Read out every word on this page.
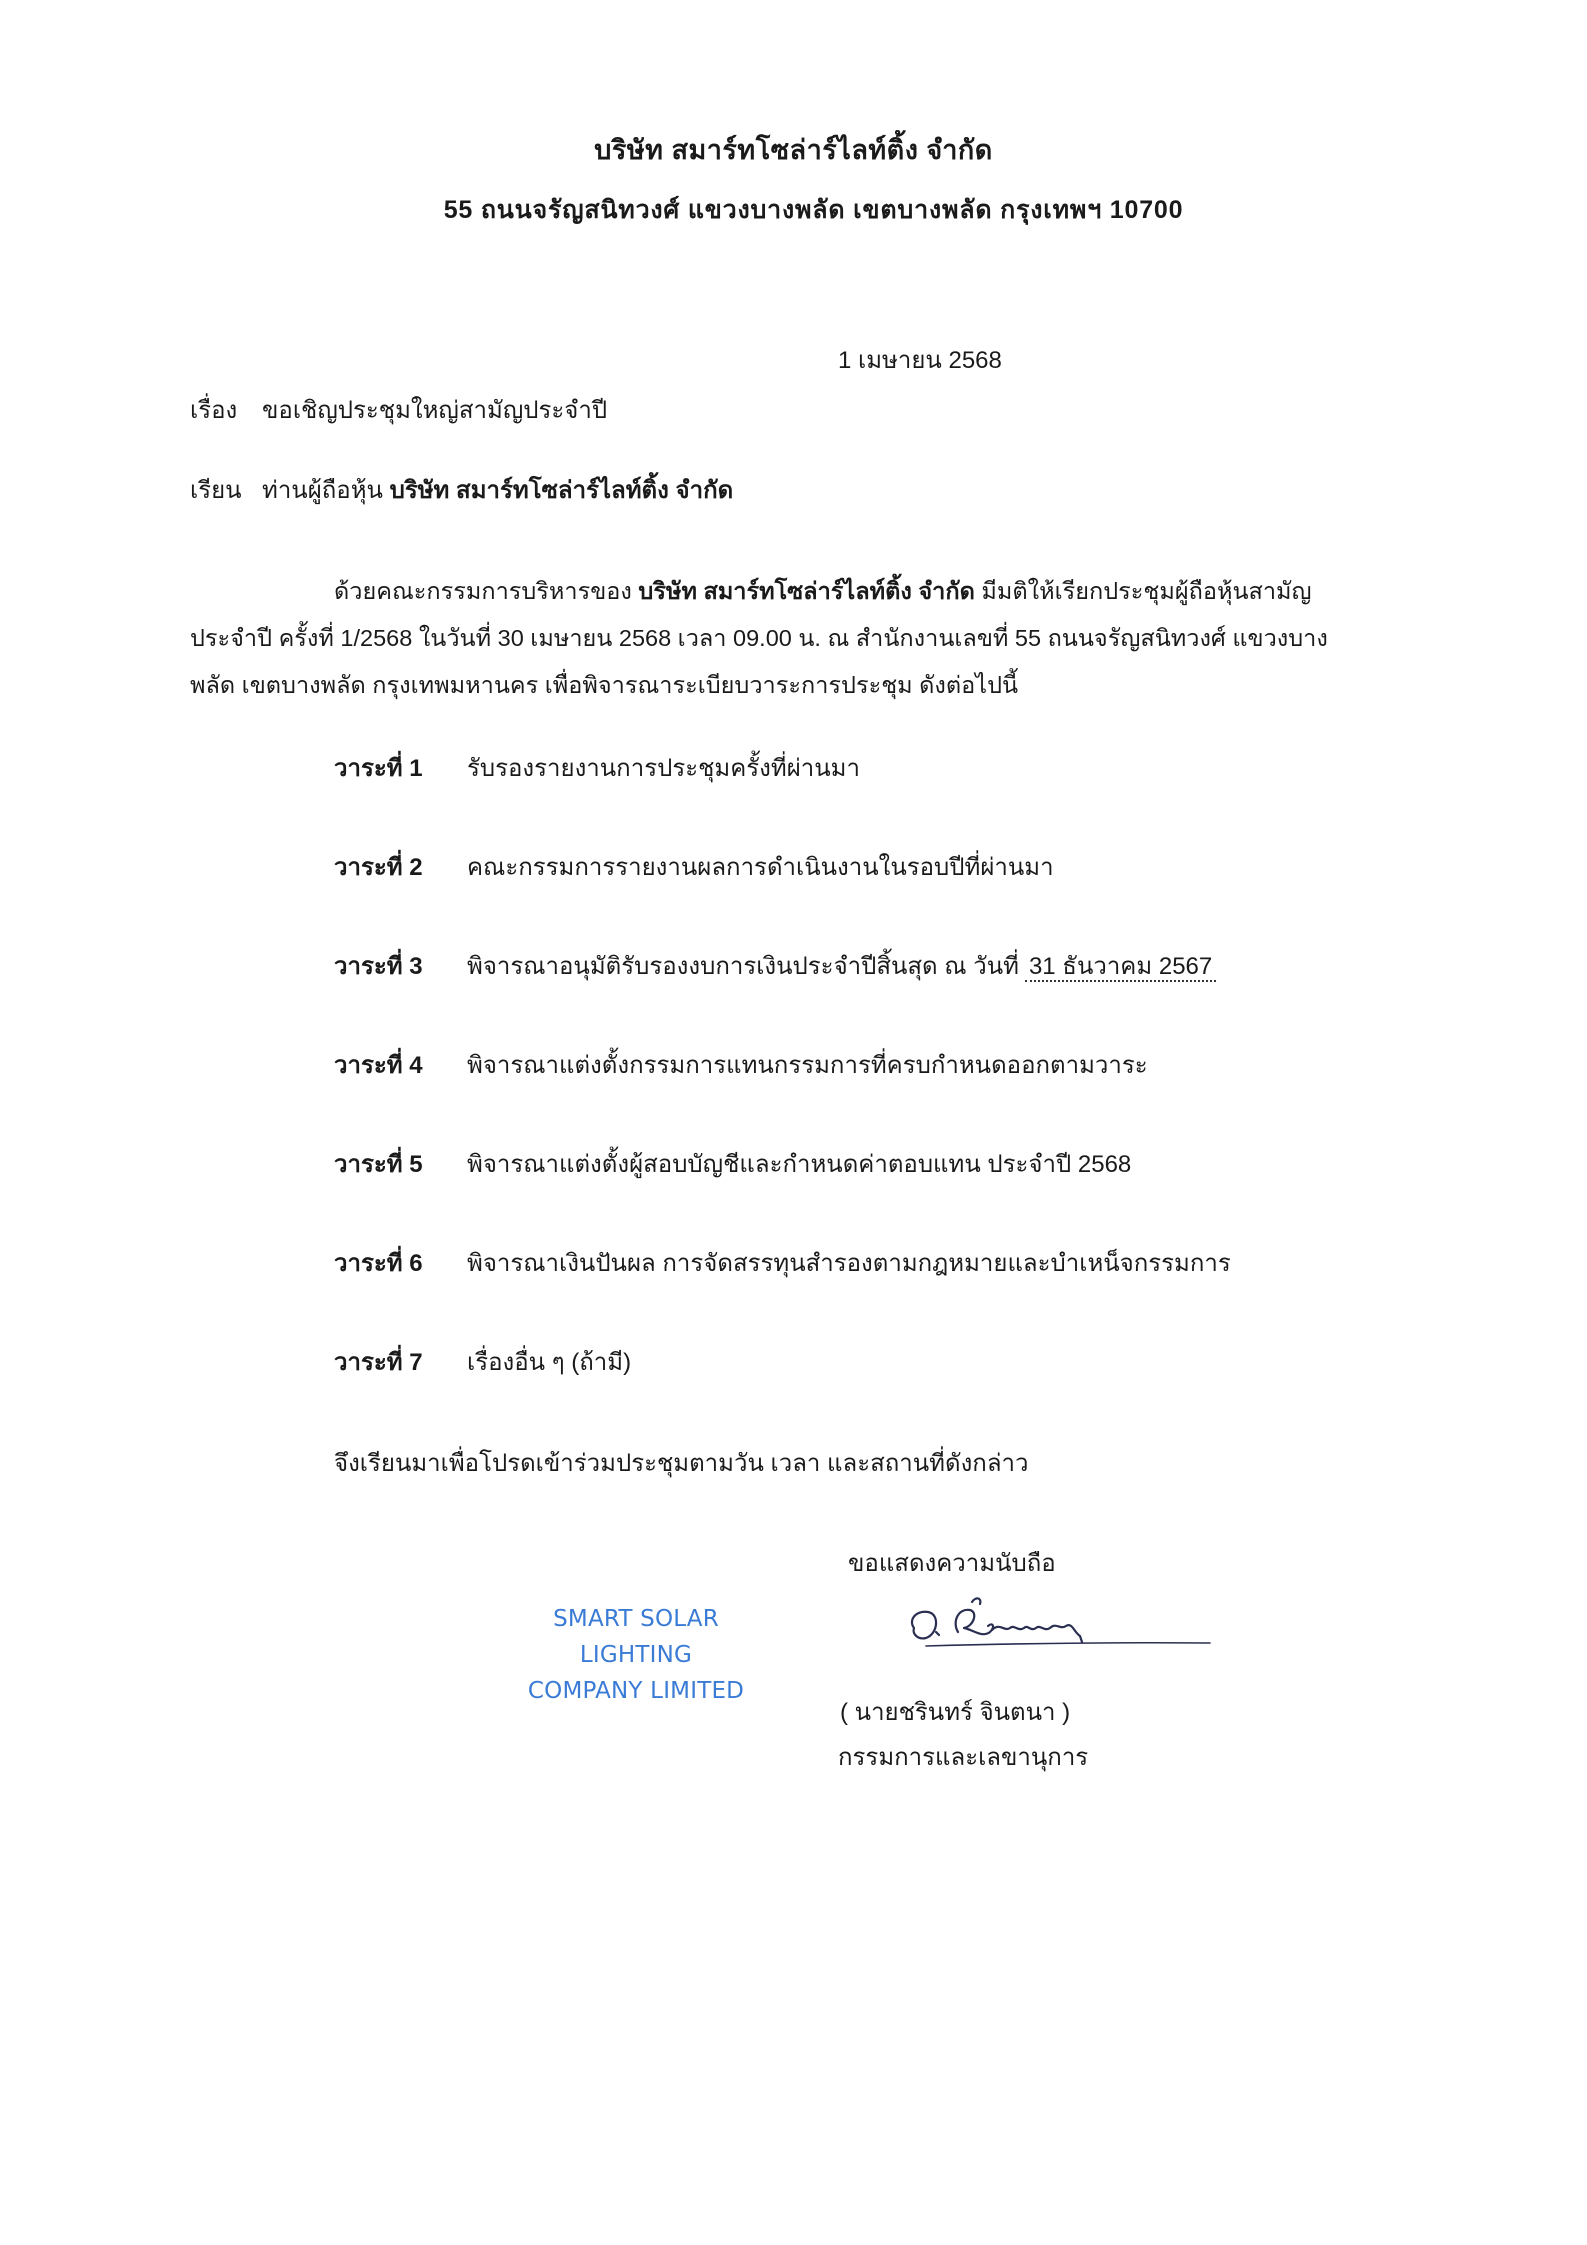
บริษัท สมาร์ทโซล่าร์ไลท์ติ้ง จำกัด
55 ถนนจรัญสนิทวงศ์ แขวงบางพลัด เขตบางพลัด กรุงเทพฯ 10700
1 เมษายน 2568
เรื่อง ขอเชิญประชุมใหญ่สามัญประจำปี
เรียน ท่านผู้ถือหุ้น บริษัท สมาร์ทโซล่าร์ไลท์ติ้ง จำกัด
ด้วยคณะกรรมการบริหารของ บริษัท สมาร์ทโซล่าร์ไลท์ติ้ง จำกัด มีมติให้เรียกประชุมผู้ถือหุ้นสามัญ
ประจำปี ครั้งที่ 1/2568 ในวันที่ 30 เมษายน 2568 เวลา 09.00 น. ณ สำนักงานเลขที่ 55 ถนนจรัญสนิทวงศ์ แขวงบาง
พลัด เขตบางพลัด กรุงเทพมหานคร เพื่อพิจารณาระเบียบวาระการประชุม ดังต่อไปนี้
วาระที่ 1 รับรองรายงานการประชุมครั้งที่ผ่านมา
วาระที่ 2 คณะกรรมการรายงานผลการดำเนินงานในรอบปีที่ผ่านมา
วาระที่ 3 พิจารณาอนุมัติรับรองงบการเงินประจำปีสิ้นสุด ณ วันที่ 31 ธันวาคม 2567
วาระที่ 4 พิจารณาแต่งตั้งกรรมการแทนกรรมการที่ครบกำหนดออกตามวาระ
วาระที่ 5 พิจารณาแต่งตั้งผู้สอบบัญชีและกำหนดค่าตอบแทน ประจำปี 2568
วาระที่ 6 พิจารณาเงินปันผล การจัดสรรทุนสำรองตามกฎหมายและบำเหน็จกรรมการ
วาระที่ 7 เรื่องอื่น ๆ (ถ้ามี)
จึงเรียนมาเพื่อโปรดเข้าร่วมประชุมตามวัน เวลา และสถานที่ดังกล่าว
ขอแสดงความนับถือ
SMART SOLAR LIGHTING
COMPANY LIMITED
( นายชรินทร์ จินตนา )
กรรมการและเลขานุการ
